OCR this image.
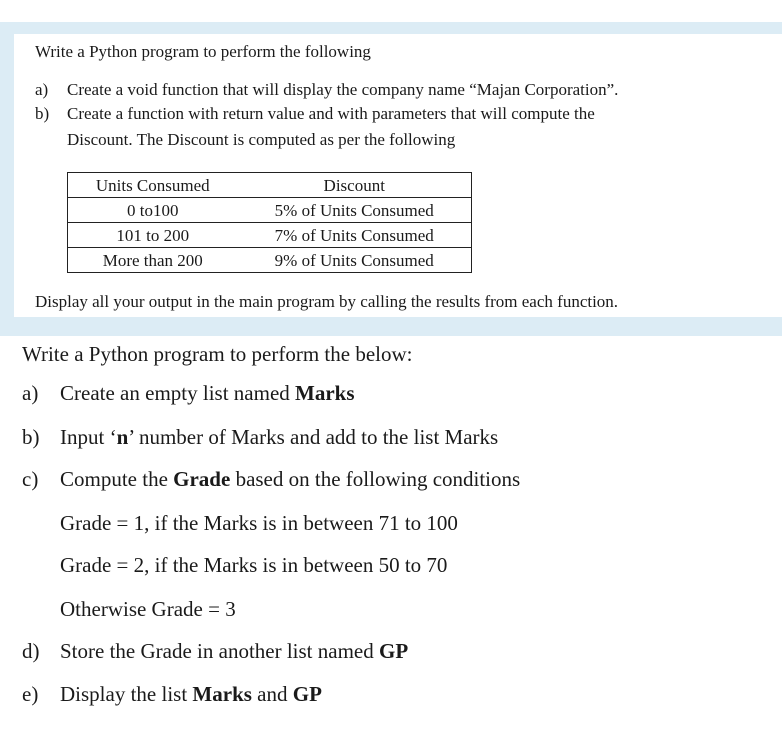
Write a Python program to perform the following
a) Create a void function that will display the company name “Majan Corporation”.
b) Create a function with return value and with parameters that will compute the
Discount. The Discount is computed as per the following
Units Consumed	Discount
0 to100	5% of Units Consumed
101 to 200	7% of Units Consumed
More than 200	9% of Units Consumed
Display all your output in the main program by calling the results from each function.
Write a Python program to perform the below:
a) Create an empty list named Marks
b) Input ‘n’ number of Marks and add to the list Marks
c) Compute the Grade based on the following conditions
Grade = 1, if the Marks is in between 71 to 100
Grade = 2, if the Marks is in between 50 to 70
Otherwise Grade = 3
d) Store the Grade in another list named GP
e) Display the list Marks and GP
